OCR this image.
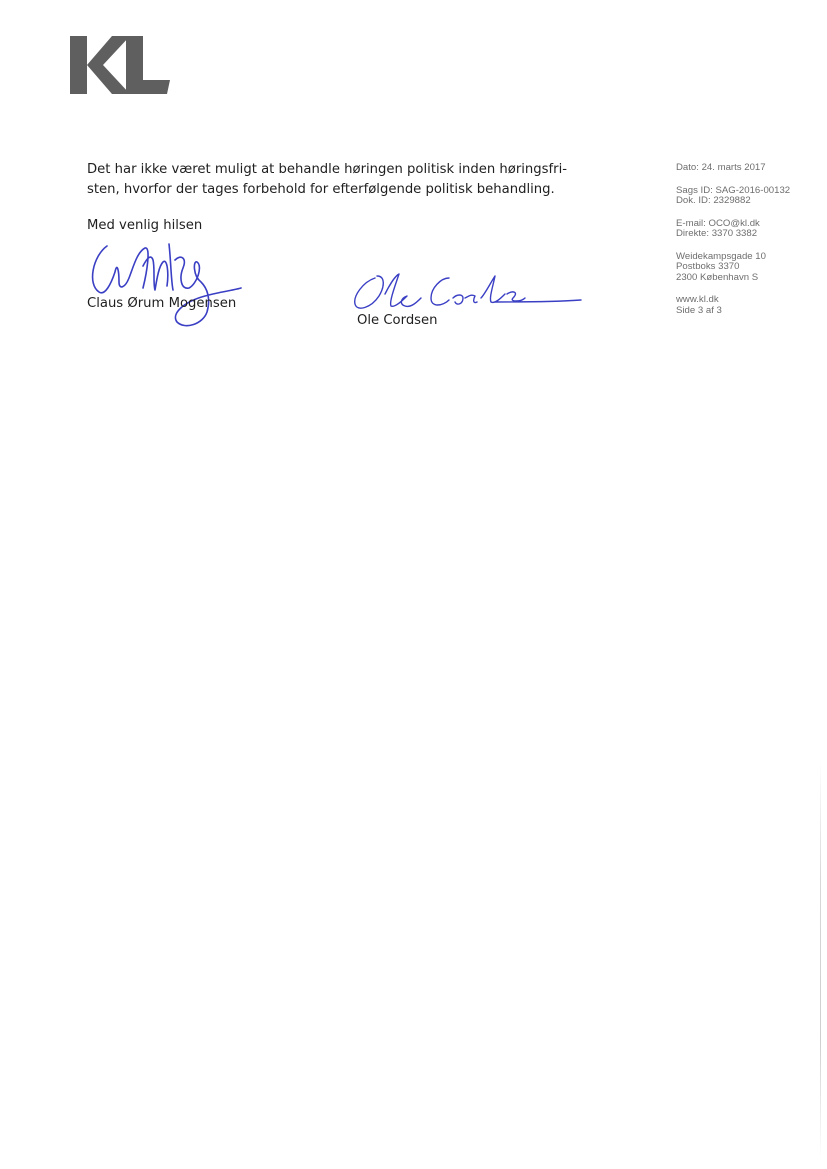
Det har ikke været muligt at behandle høringen politisk inden høringsfri-

sten, hvorfor der tages forbehold for efterfølgende politisk behandling.

Med venlig hilsen
Claus Ørum Mogensen
Ole Cordsen
Dato: 24. marts 2017
Sags ID: SAG-2016-00132
Dok. ID: 2329882
E-mail: OCO@kl.dk
Direkte: 3370 3382
Weidekampsgade 10
Postboks 3370
2300 København S
www.kl.dk
Side 3 af 3
